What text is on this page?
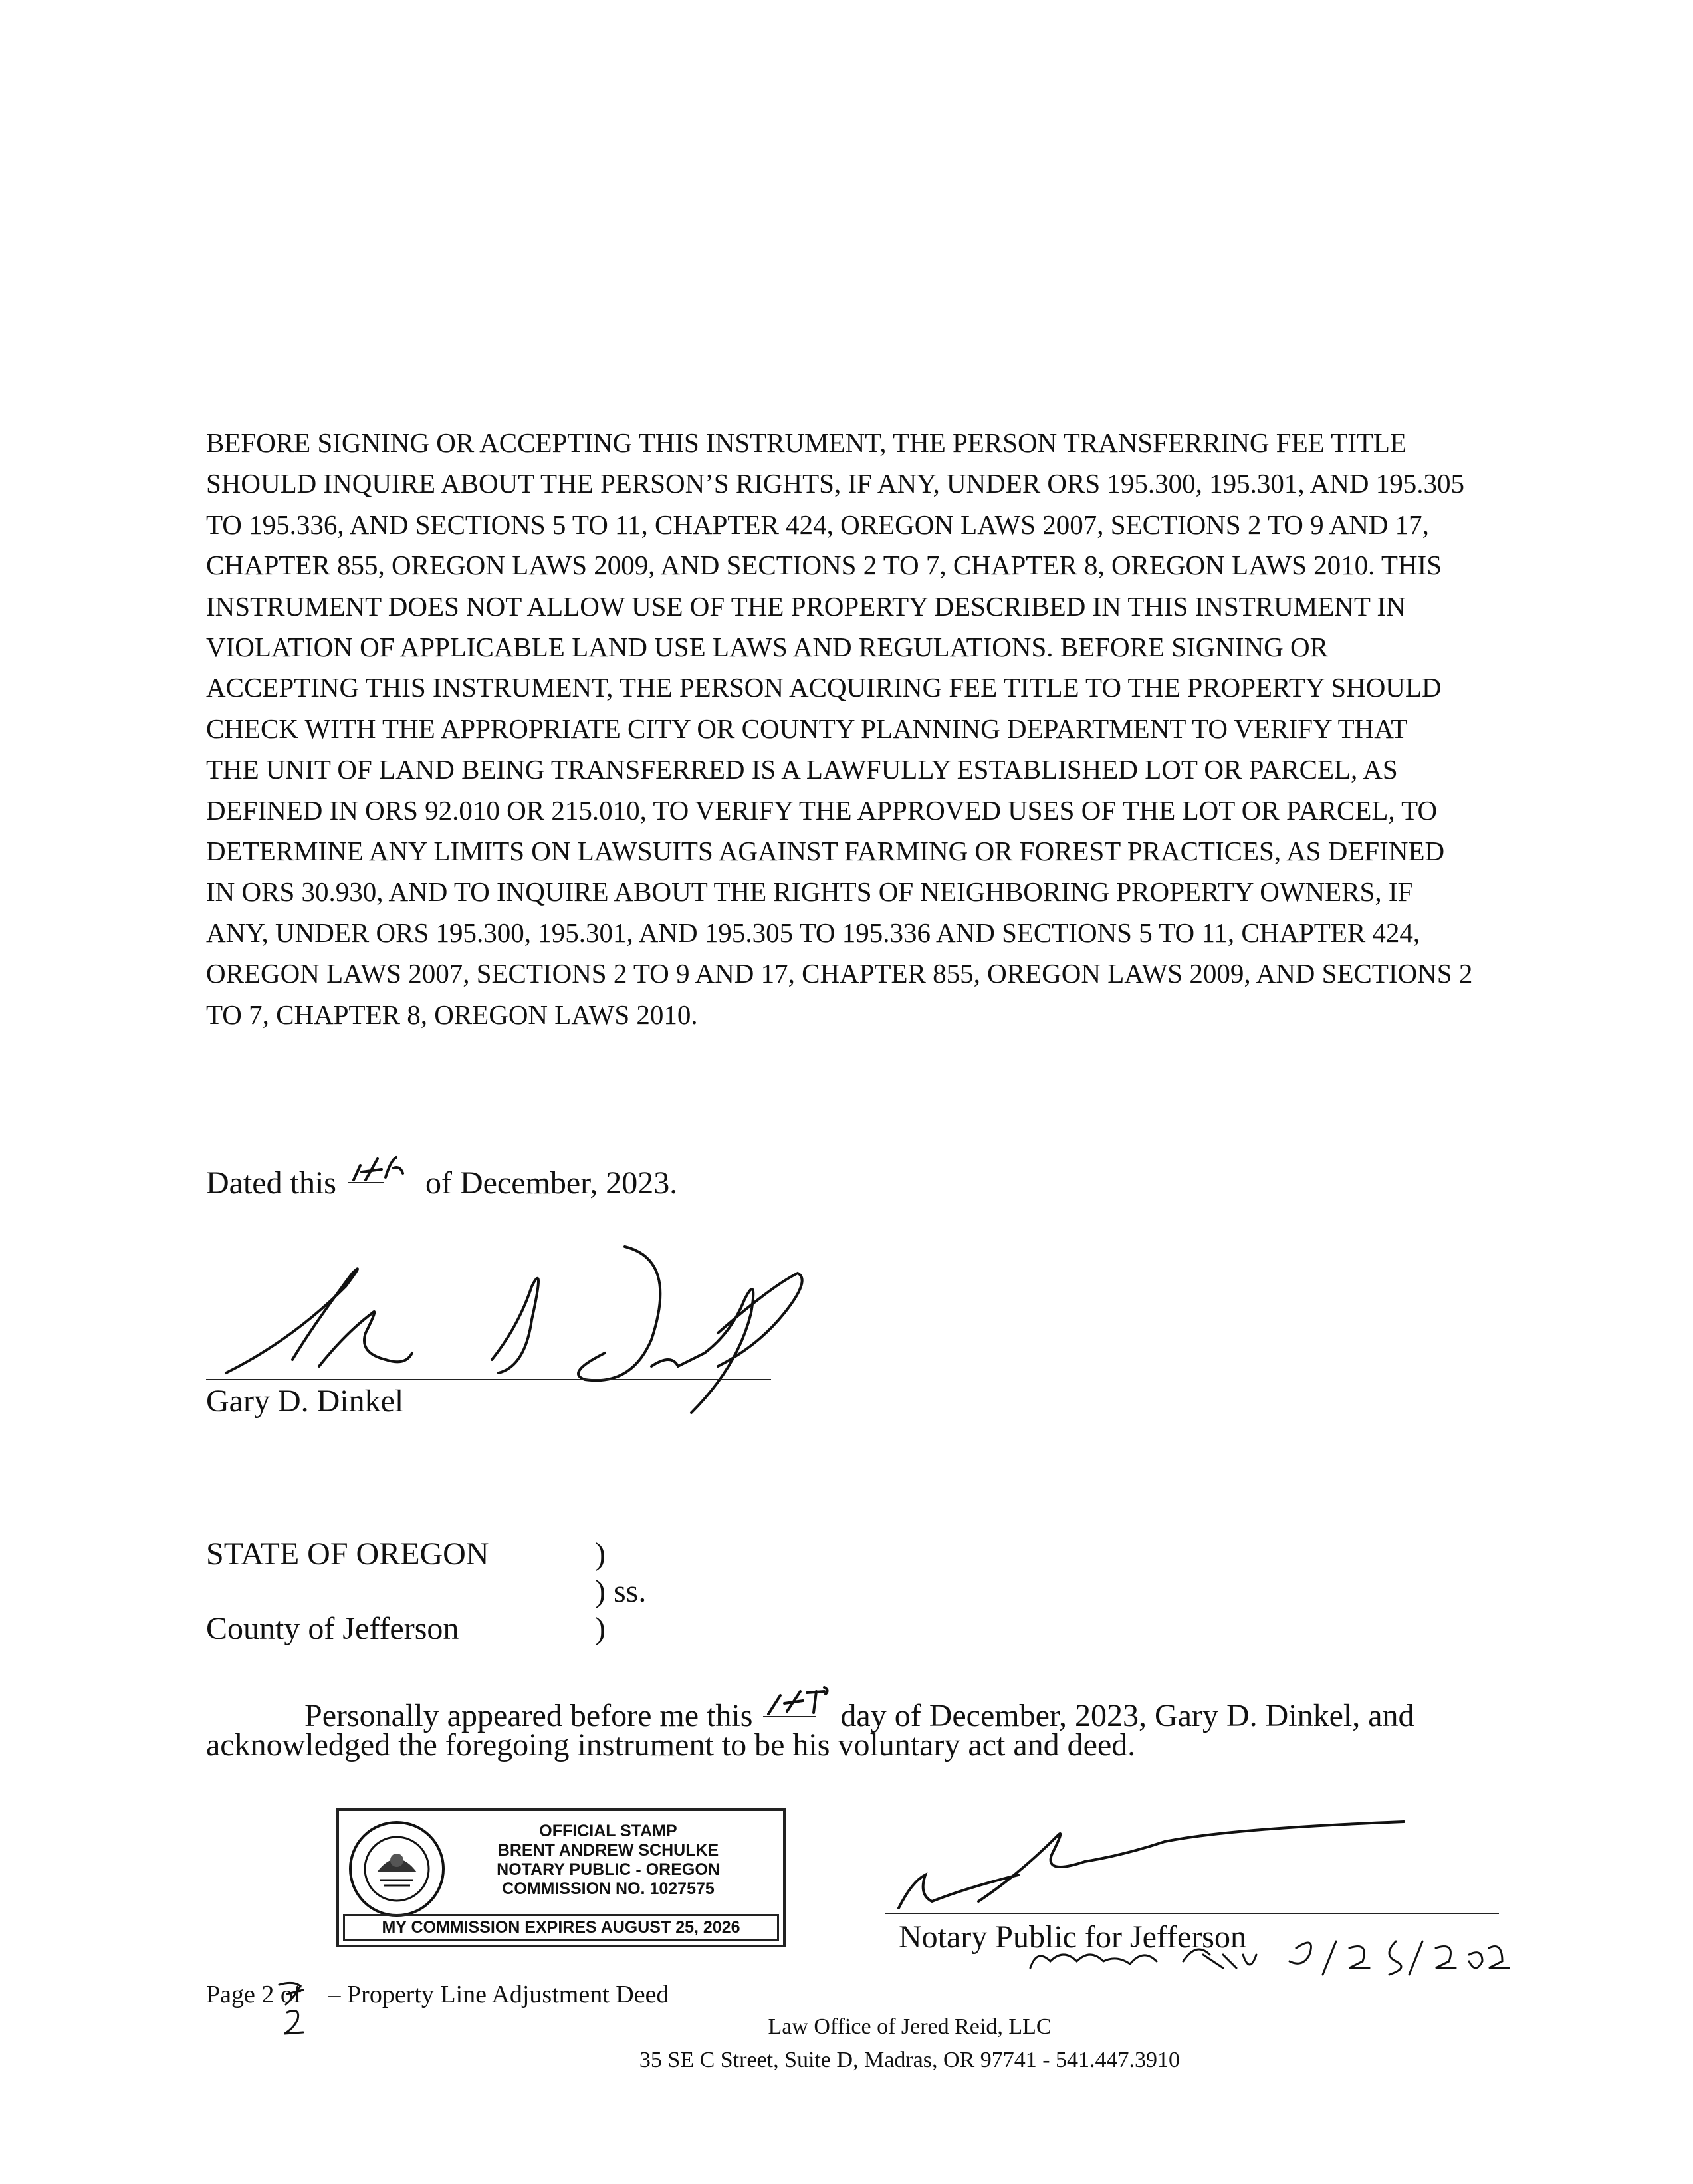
BEFORE SIGNING OR ACCEPTING THIS INSTRUMENT, THE PERSON TRANSFERRING FEE TITLE
SHOULD INQUIRE ABOUT THE PERSON’S RIGHTS, IF ANY, UNDER ORS 195.300, 195.301, AND 195.305
TO 195.336, AND SECTIONS 5 TO 11, CHAPTER 424, OREGON LAWS 2007, SECTIONS 2 TO 9 AND 17,
CHAPTER 855, OREGON LAWS 2009, AND SECTIONS 2 TO 7, CHAPTER 8, OREGON LAWS 2010. THIS
INSTRUMENT DOES NOT ALLOW USE OF THE PROPERTY DESCRIBED IN THIS INSTRUMENT IN
VIOLATION OF APPLICABLE LAND USE LAWS AND REGULATIONS. BEFORE SIGNING OR
ACCEPTING THIS INSTRUMENT, THE PERSON ACQUIRING FEE TITLE TO THE PROPERTY SHOULD
CHECK WITH THE APPROPRIATE CITY OR COUNTY PLANNING DEPARTMENT TO VERIFY THAT
THE UNIT OF LAND BEING TRANSFERRED IS A LAWFULLY ESTABLISHED LOT OR PARCEL, AS
DEFINED IN ORS 92.010 OR 215.010, TO VERIFY THE APPROVED USES OF THE LOT OR PARCEL, TO
DETERMINE ANY LIMITS ON LAWSUITS AGAINST FARMING OR FOREST PRACTICES, AS DEFINED
IN ORS 30.930, AND TO INQUIRE ABOUT THE RIGHTS OF NEIGHBORING PROPERTY OWNERS, IF
ANY, UNDER ORS 195.300, 195.301, AND 195.305 TO 195.336 AND SECTIONS 5 TO 11, CHAPTER 424,
OREGON LAWS 2007, SECTIONS 2 TO 9 AND 17, CHAPTER 855, OREGON LAWS 2009, AND SECTIONS 2
TO 7, CHAPTER 8, OREGON LAWS 2010.
Dated this	of December, 2023.
Gary D. Dinkel
STATE OF OREGON	)
) ss.
County of Jefferson	)
Personally appeared before me this	day of December, 2023, Gary D. Dinkel, and
acknowledged the foregoing instrument to be his voluntary act and deed.
OFFICIAL STAMP
BRENT ANDREW SCHULKE
NOTARY PUBLIC - OREGON
COMMISSION NO. 1027575
MY COMMISSION EXPIRES AUGUST 25, 2026	Notary Public for Jefferson
Page 2 of – Property Line Adjustment Deed
Law Office of Jered Reid, LLC
35 SE C Street, Suite D, Madras, OR 97741 - 541.447.3910
